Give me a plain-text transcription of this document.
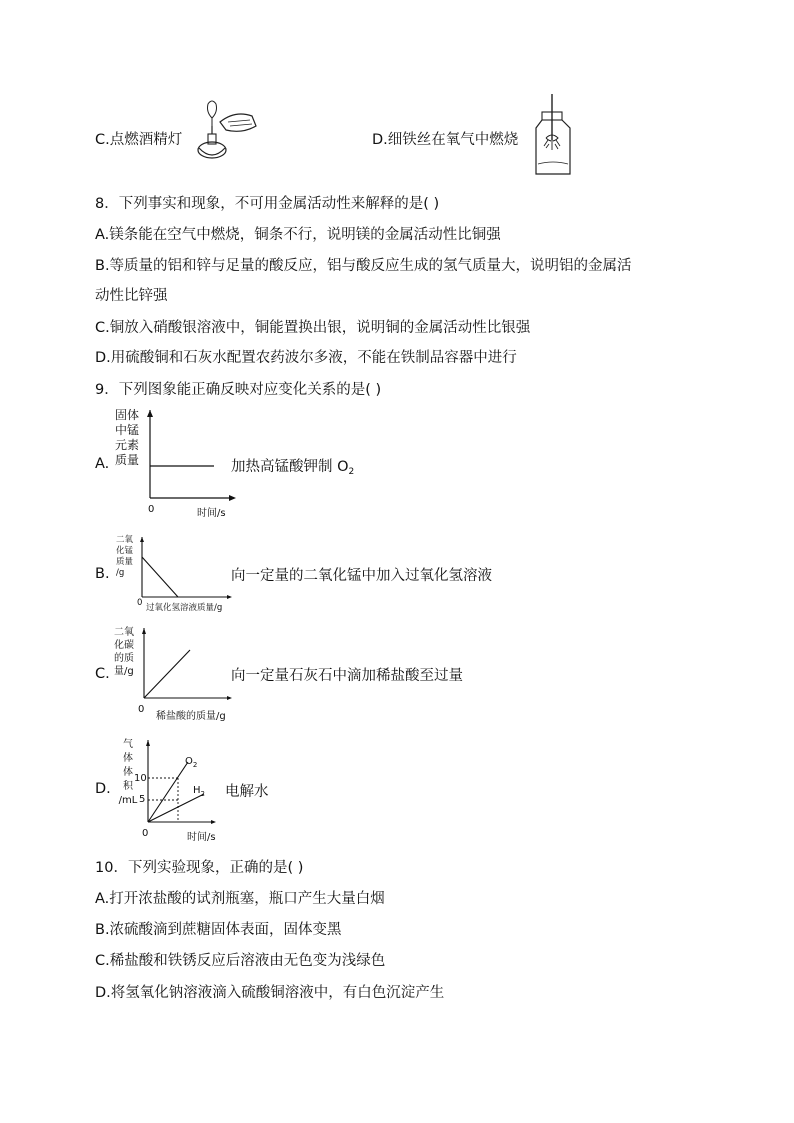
C.点燃酒精灯	D.细铁丝在氧气中燃烧
8．下列事实和现象，不可用金属活动性来解释的是( )
A.镁条能在空气中燃烧，铜条不行，说明镁的金属活动性比铜强
B.等质量的铝和锌与足量的酸反应，铝与酸反应生成的氢气质量大，说明铝的金属活
动性比锌强
C.铜放入硝酸银溶液中，铜能置换出银，说明铜的金属活动性比银强
D.用硫酸铜和石灰水配置农药波尔多液，不能在铁制品容器中进行
9．下列图象能正确反映对应变化关系的是( )
A.
固体
中锰
元素
质量
0	时间/s
加热高锰酸钾制 $O_2$
B.
二氧
化锰
质量
/g
0 过氧化氢溶液质量/g
向一定量的二氧化锰中加入过氧化氢溶液
C.
二氧
化碳
的质
量/g
0
稀盐酸的质量/g
向一定量石灰石中滴加稀盐酸至过量
D.
气
体
体
积
/mL
10
5
$O_2$
$H_2$
0	时间/s
电解水
10．下列实验现象，正确的是( )
A.打开浓盐酸的试剂瓶塞，瓶口产生大量白烟
B.浓硫酸滴到蔗糖固体表面，固体变黑
C.稀盐酸和铁锈反应后溶液由无色变为浅绿色
D.将氢氧化钠溶液滴入硫酸铜溶液中，有白色沉淀产生
